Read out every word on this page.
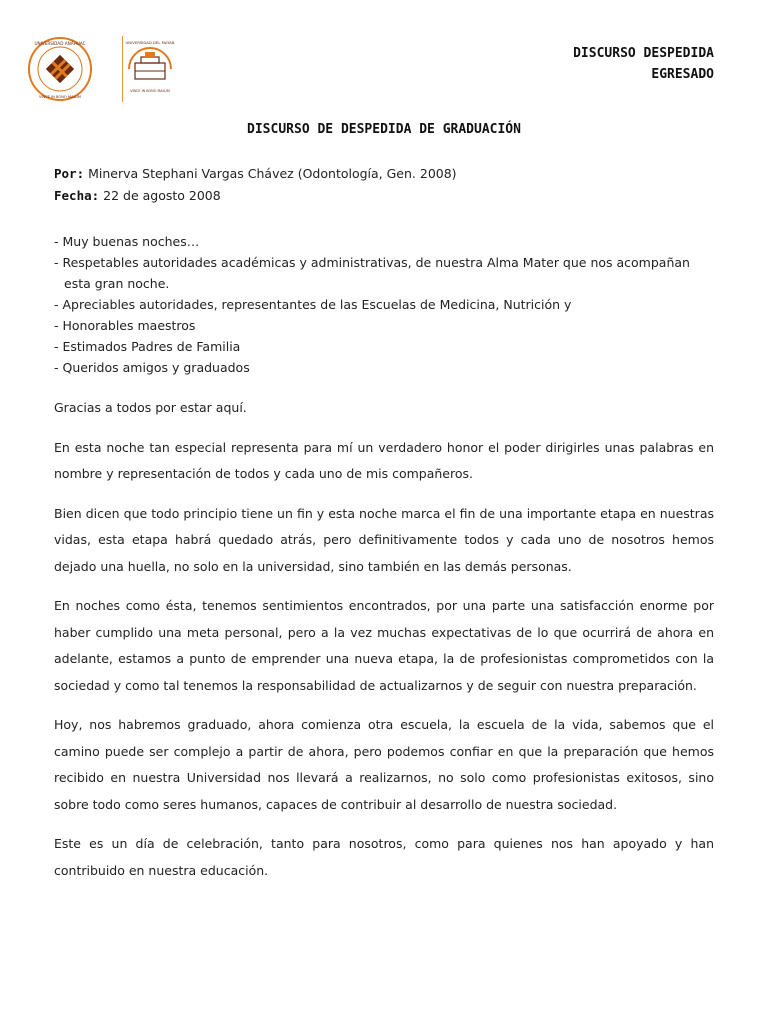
UNIVERSIDAD ANÁHUAC
VINCE IN BONO MALUM
UNIVERSIDAD DEL MAYAB
VINCE IN BONO MALUM
DISCURSO DESPEDIDA
EGRESADO
DISCURSO DE DESPEDIDA DE GRADUACIÓN
Por: Minerva Stephani Vargas Chávez (Odontología, Gen. 2008)
Fecha: 22 de agosto 2008
- Muy buenas noches…
- Respetables autoridades académicas y administrativas, de nuestra Alma Mater que nos acompañan esta gran noche.
- Apreciables autoridades, representantes de las Escuelas de Medicina, Nutrición y
- Honorables maestros
- Estimados Padres de Familia
- Queridos amigos y graduados

Gracias a todos por estar aquí.

En esta noche tan especial representa para mí un verdadero honor el poder dirigirles unas palabras en nombre y representación de todos y cada uno de mis compañeros.

Bien dicen que todo principio tiene un fin y esta noche marca el fin de una importante etapa en nuestras vidas, esta etapa habrá quedado atrás, pero definitivamente todos y cada uno de nosotros hemos dejado una huella, no solo en la universidad, sino también en las demás personas.

En noches como ésta, tenemos sentimientos encontrados, por una parte una satisfacción enorme por haber cumplido una meta personal, pero a la vez muchas expectativas de lo que ocurrirá de ahora en adelante, estamos a punto de emprender una nueva etapa, la de profesionistas comprometidos con la sociedad y como tal tenemos la responsabilidad de actualizarnos y de seguir con nuestra preparación.

Hoy, nos habremos graduado, ahora comienza otra escuela, la escuela de la vida, sabemos que el camino puede ser complejo a partir de ahora, pero podemos confiar en que la preparación que hemos recibido en nuestra Universidad nos llevará a realizarnos, no solo como profesionistas exitosos, sino sobre todo como seres humanos, capaces de contribuir al desarrollo de nuestra sociedad.

Este es un día de celebración, tanto para nosotros, como para quienes nos han apoyado y han contribuido en nuestra educación.
